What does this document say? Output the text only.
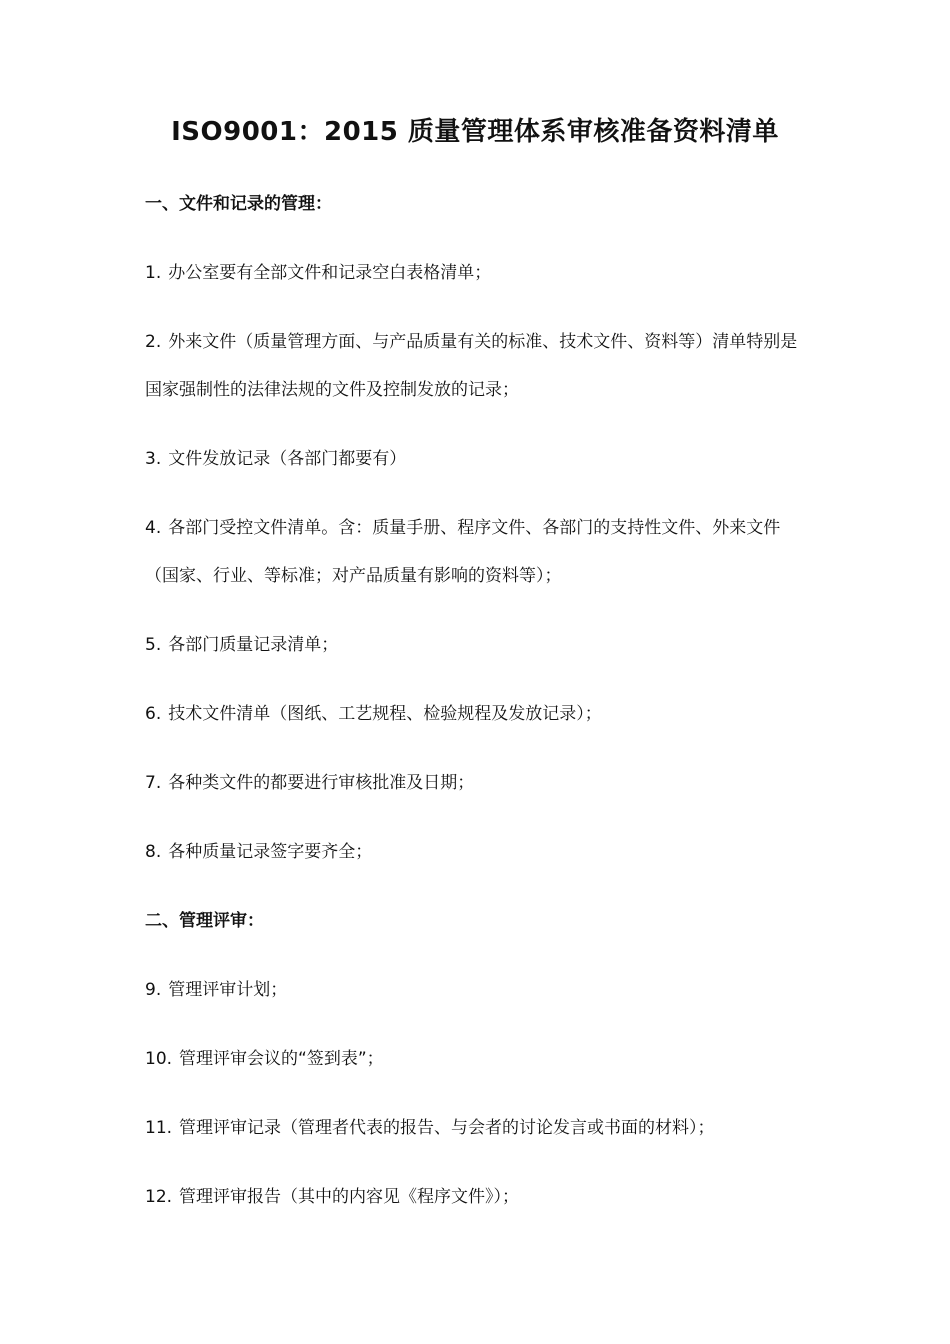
ISO9001：2015 质量管理体系审核准备资料清单
一、文件和记录的管理：
1. 办公室要有全部文件和记录空白表格清单；
2. 外来文件（质量管理方面、与产品质量有关的标准、技术文件、资料等）清单特别是国家强制性的法律法规的文件及控制发放的记录；
3. 文件发放记录（各部门都要有）
4. 各部门受控文件清单。含：质量手册、程序文件、各部门的支持性文件、外来文件（国家、行业、等标准；对产品质量有影响的资料等）；
5. 各部门质量记录清单；
6. 技术文件清单（图纸、工艺规程、检验规程及发放记录）；
7. 各种类文件的都要进行审核批准及日期；
8. 各种质量记录签字要齐全；
二、管理评审：
9. 管理评审计划；
10. 管理评审会议的“签到表”；
11. 管理评审记录（管理者代表的报告、与会者的讨论发言或书面的材料）；
12. 管理评审报告（其中的内容见《程序文件》）；
